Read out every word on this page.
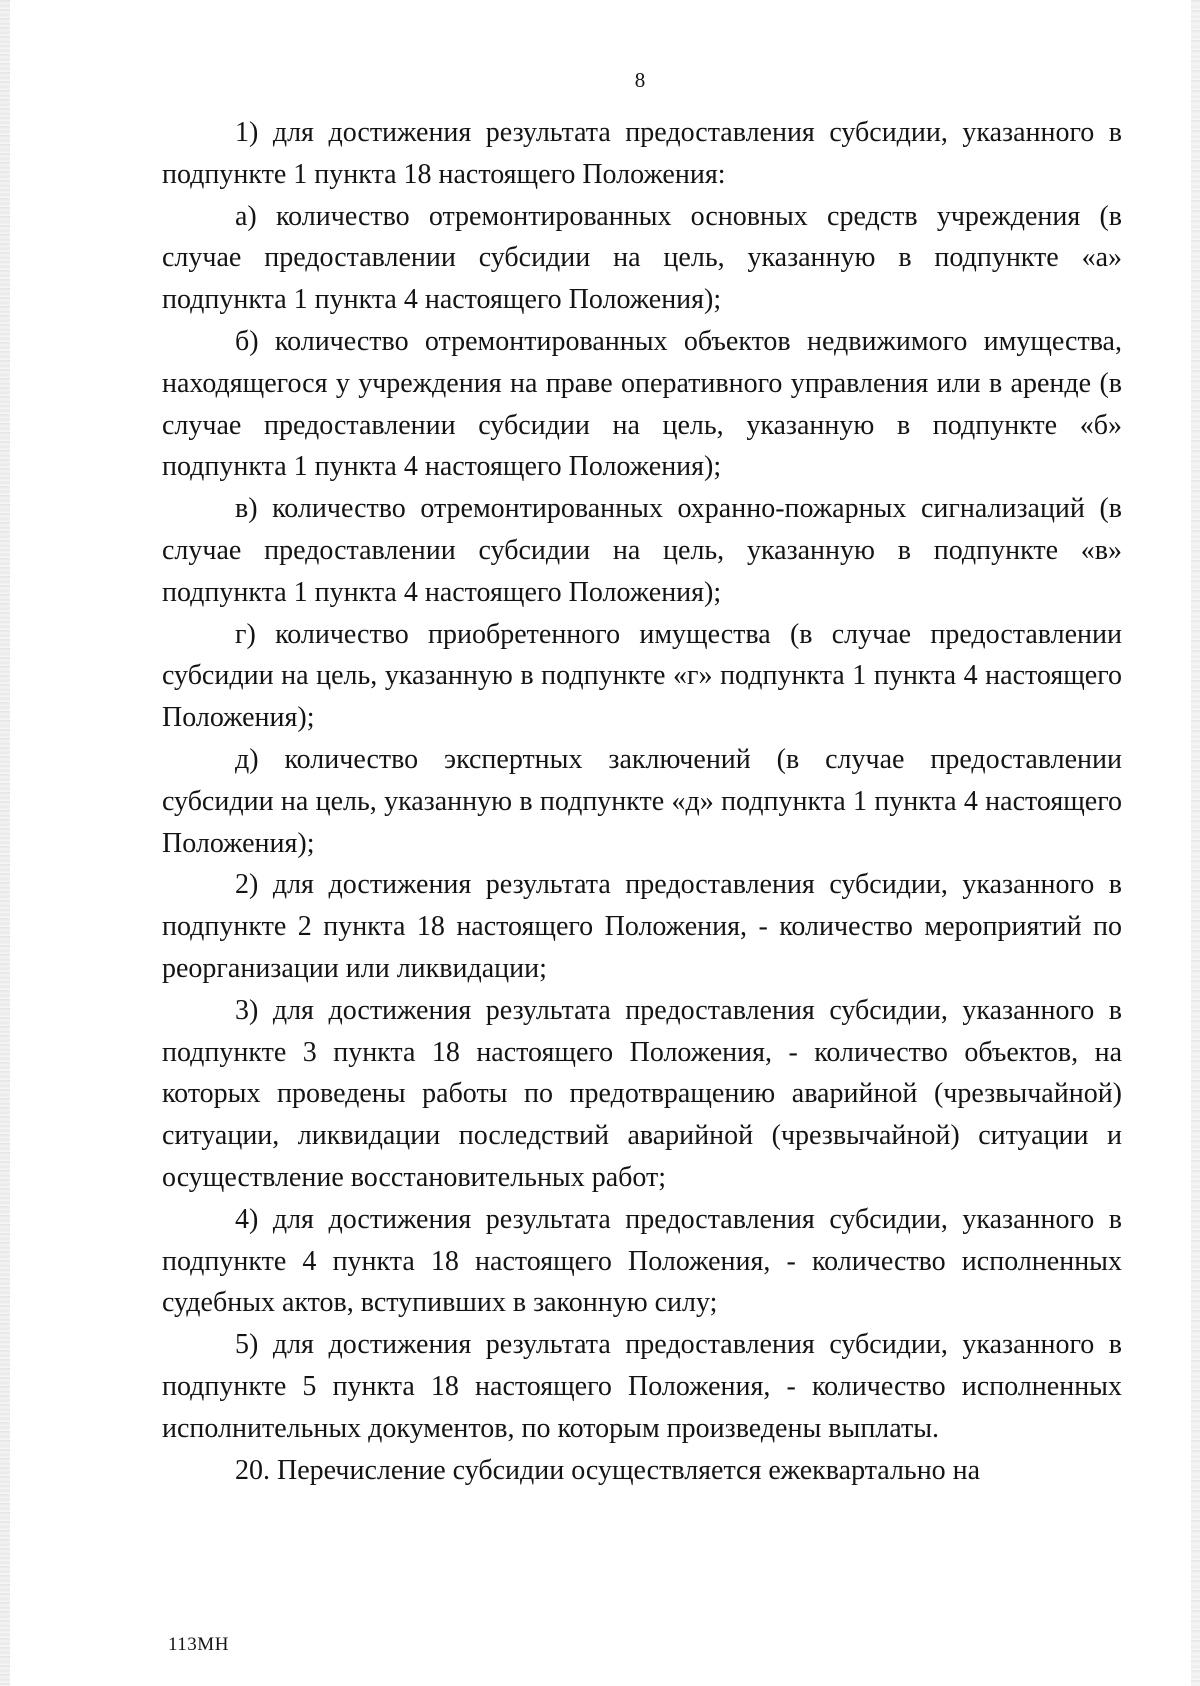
8

1) для достижения результата предоставления субсидии, указанного в подпункте 1 пункта 18 настоящего Положения:

а) количество отремонтированных основных средств учреждения (в случае предоставлении субсидии на цель, указанную в подпункте «а» подпункта 1 пункта 4 настоящего Положения);

б) количество отремонтированных объектов недвижимого имущества, находящегося у учреждения на праве оперативного управления или в аренде (в случае предоставлении субсидии на цель, указанную в подпункте «б» подпункта 1 пункта 4 настоящего Положения);

в) количество отремонтированных охранно-пожарных сигнализаций (в случае предоставлении субсидии на цель, указанную в подпункте «в» подпункта 1 пункта 4 настоящего Положения);

г) количество приобретенного имущества (в случае предоставлении субсидии на цель, указанную в подпункте «г» подпункта 1 пункта 4 настоящего Положения);

д) количество экспертных заключений (в случае предоставлении субсидии на цель, указанную в подпункте «д» подпункта 1 пункта 4 настоящего Положения);

2) для достижения результата предоставления субсидии, указанного в подпункте 2 пункта 18 настоящего Положения, - количество мероприятий по реорганизации или ликвидации;

3) для достижения результата предоставления субсидии, указанного в подпункте 3 пункта 18 настоящего Положения, - количество объектов, на которых проведены работы по предотвращению аварийной (чрезвычайной) ситуации, ликвидации последствий аварийной (чрезвычайной) ситуации и осуществление восстановительных работ;

4) для достижения результата предоставления субсидии, указанного в подпункте 4 пункта 18 настоящего Положения, - количество исполненных судебных актов, вступивших в законную силу;

5) для достижения результата предоставления субсидии, указанного в подпункте 5 пункта 18 настоящего Положения, - количество исполненных исполнительных документов, по которым произведены выплаты.

20. Перечисление субсидии осуществляется ежеквартально на

113МН
